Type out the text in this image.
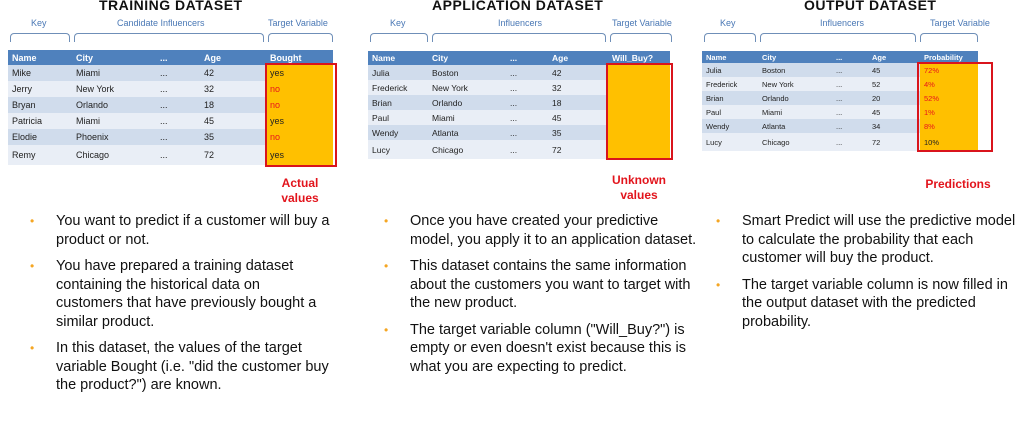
TRAINING DATASET
Key	Candidate Influencers	Target Variable
Name	City	...	Age	Bought
Mike	Miami	...	42	yes
Jerry	New York	...	32	no
Bryan	Orlando	...	18	no
Patricia	Miami	...	45	yes
Elodie	Phoenix	...	35	no
Remy	Chicago	...	72	yes
Actual
values
• You want to predict if a customer will buy a product or not.
• You have prepared a training dataset containing the historical data on customers that have previously bought a similar product.
• In this dataset, the values of the target variable Bought (i.e. "did the customer buy the product?") are known.
APPLICATION DATASET
Key	Influencers	Target Variable
Name	City	...	Age	Will_Buy?
Julia	Boston	...	42	
Frederick	New York	...	32	
Brian	Orlando	...	18	
Paul	Miami	...	45	
Wendy	Atlanta	...	35	
Lucy	Chicago	...	72	
Unknown
values
• Once you have created your predictive model, you apply it to an application dataset.
• This dataset contains the same information about the customers you want to target with the new product.
• The target variable column ("Will_Buy?") is empty or even doesn't exist because this is what you are expecting to predict.
OUTPUT DATASET
Key	Influencers	Target Variable
Name	City	...	Age	Probability
Julia	Boston	...	45	72%
Frederick	New York	...	52	4%
Brian	Orlando	...	20	52%
Paul	Miami	...	45	1%
Wendy	Atlanta	...	34	8%
Lucy	Chicago	...	72	10%
Predictions
• Smart Predict will use the predictive model to calculate the probability that each customer will buy the product.
• The target variable column is now filled in the output dataset with the predicted probability.
